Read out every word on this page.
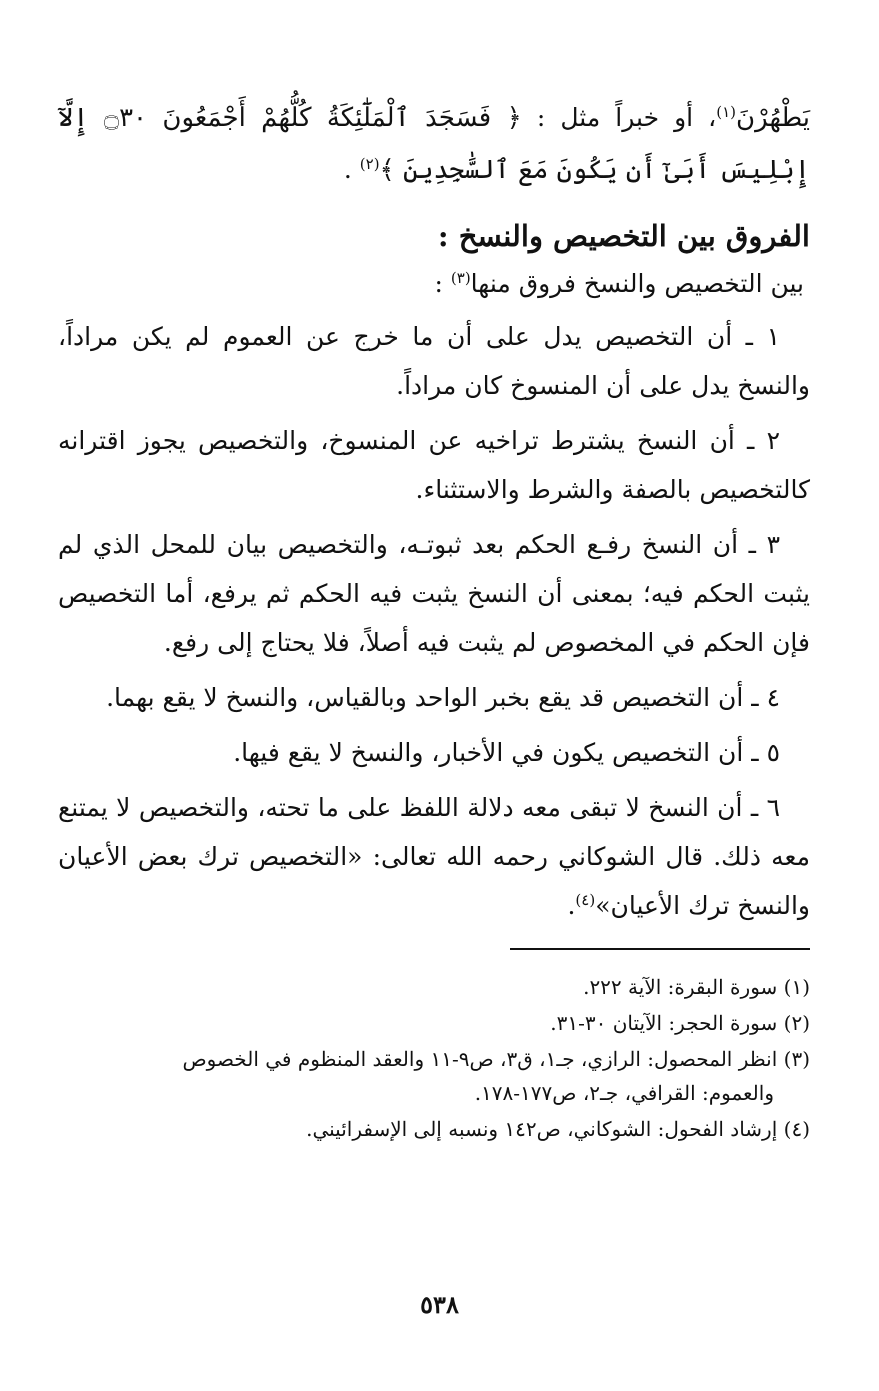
يَطْهُرْنَ$^{(١)}$، أو خبراً مثل : ﴿ فَسَجَدَ ٱلْمَلَٰٓئِكَةُ كُلُّهُمْ أَجْمَعُونَ ۝٣٠ إِلَّآ إِبْلِيسَ أَبَىٰٓ أَن يَكُونَ مَعَ ٱلسَّٰجِدِينَ ﴾$^{(٢)}$ .

الفروق بين التخصيص والنسخ :

بين التخصيص والنسخ فروق منها$^{(٣)}$ :

١ ـ أن التخصيص يدل على أن ما خرج عن العموم لم يكن مراداً، والنسخ يدل على أن المنسوخ كان مراداً.

٢ ـ أن النسخ يشترط تراخيه عن المنسوخ، والتخصيص يجوز اقترانه كالتخصيص بالصفة والشرط والاستثناء.

٣ ـ أن النسخ رفـع الحكم بعد ثبوتـه، والتخصيص بيان للمحل الذي لم يثبت الحكم فيه؛ بمعنى أن النسخ يثبت فيه الحكم ثم يرفع، أما التخصيص فإن الحكم في المخصوص لم يثبت فيه أصلاً، فلا يحتاج إلى رفع.

٤ ـ أن التخصيص قد يقع بخبر الواحد وبالقياس، والنسخ لا يقع بهما.

٥ ـ أن التخصيص يكون في الأخبار، والنسخ لا يقع فيها.

٦ ـ أن النسخ لا تبقى معه دلالة اللفظ على ما تحته، والتخصيص لا يمتنع معه ذلك. قال الشوكاني رحمه الله تعالى: «التخصيص ترك بعض الأعيان والنسخ ترك الأعيان»$^{(٤)}$.

(١) سورة البقرة: الآية ٢٢٢.

(٢) سورة الحجر: الآيتان ٣٠-٣١.

(٣) انظر المحصول: الرازي، جـ١، ق٣، ص٩-١١ والعقد المنظوم في الخصوص
والعموم: القرافي، جـ٢، ص١٧٧-١٧٨.

(٤) إرشاد الفحول: الشوكاني، ص١٤٢ ونسبه إلى الإسفرائيني.

٥٣٨
